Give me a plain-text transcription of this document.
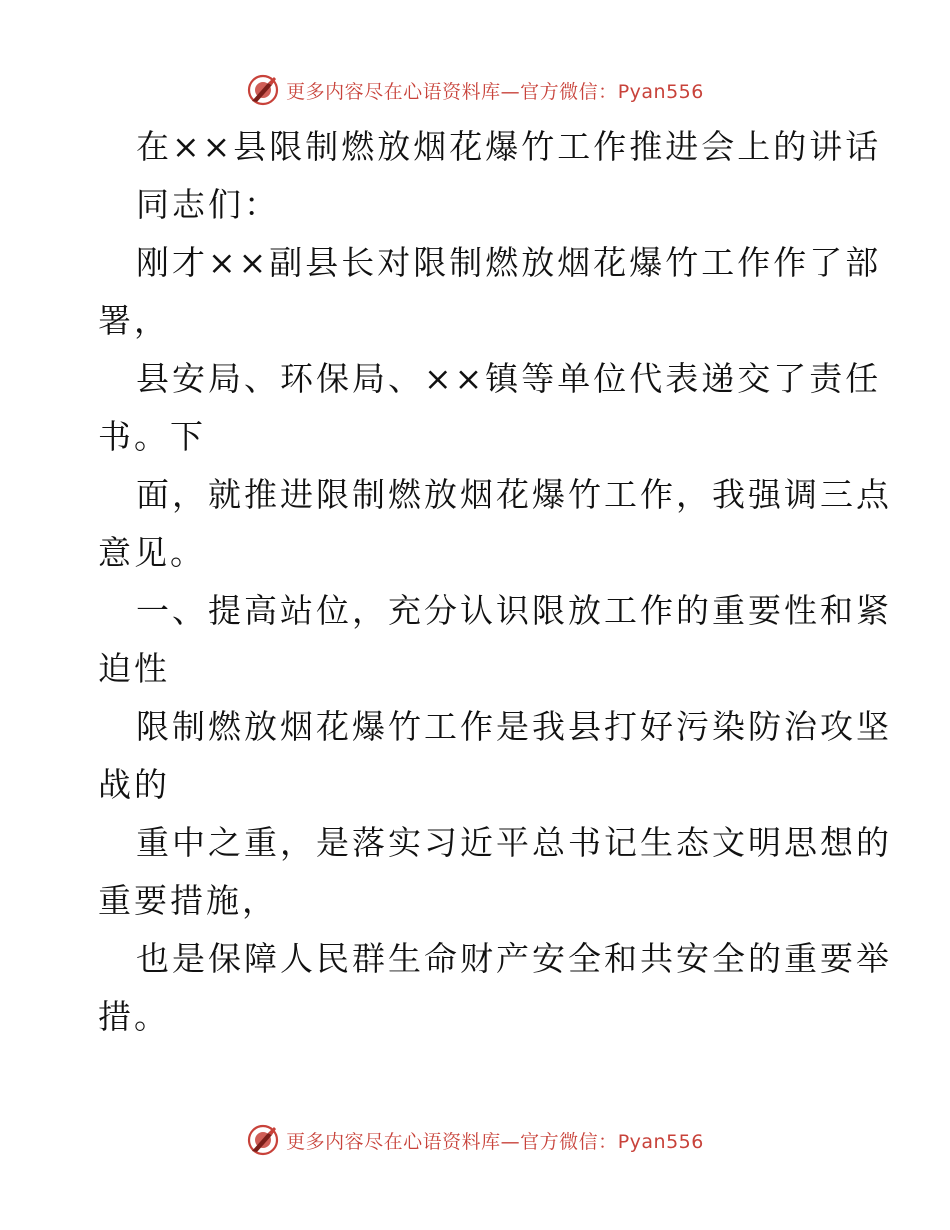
更多内容尽在心语资料库—官方微信：Pyan556
在××县限制燃放烟花爆竹工作推进会上的讲话
同志们：
刚才××副县长对限制燃放烟花爆竹工作作了部
署，
县安局、环保局、××镇等单位代表递交了责任
书。下
面，就推进限制燃放烟花爆竹工作，我强调三点
意见。
一、提高站位，充分认识限放工作的重要性和紧
迫性
限制燃放烟花爆竹工作是我县打好污染防治攻坚
战的
重中之重，是落实习近平总书记生态文明思想的
重要措施，
也是保障人民群生命财产安全和共安全的重要举
措。
更多内容尽在心语资料库—官方微信：Pyan556
